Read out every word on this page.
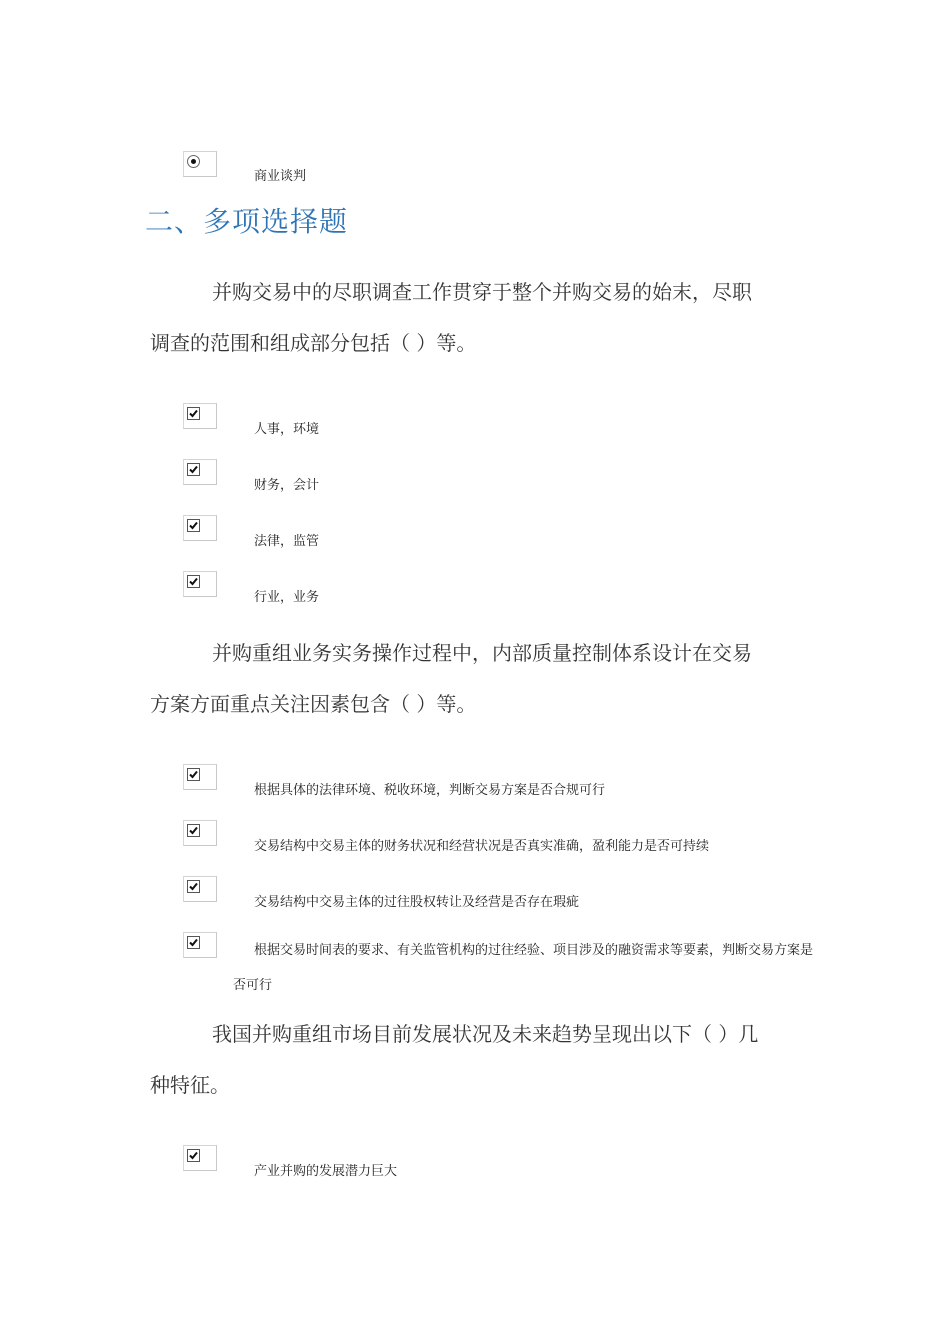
商业谈判
二、多项选择题
并购交易中的尽职调查工作贯穿于整个并购交易的始末，尽职
调查的范围和组成部分包括（ ）等。
人事，环境
财务，会计
法律，监管
行业，业务
并购重组业务实务操作过程中，内部质量控制体系设计在交易
方案方面重点关注因素包含（ ）等。
根据具体的法律环境、税收环境，判断交易方案是否合规可行
交易结构中交易主体的财务状况和经营状况是否真实准确，盈利能力是否可持续
交易结构中交易主体的过往股权转让及经营是否存在瑕疵
根据交易时间表的要求、有关监管机构的过往经验、项目涉及的融资需求等要素，判断交易方案是
否可行
我国并购重组市场目前发展状况及未来趋势呈现出以下（ ）几
种特征。
产业并购的发展潜力巨大
